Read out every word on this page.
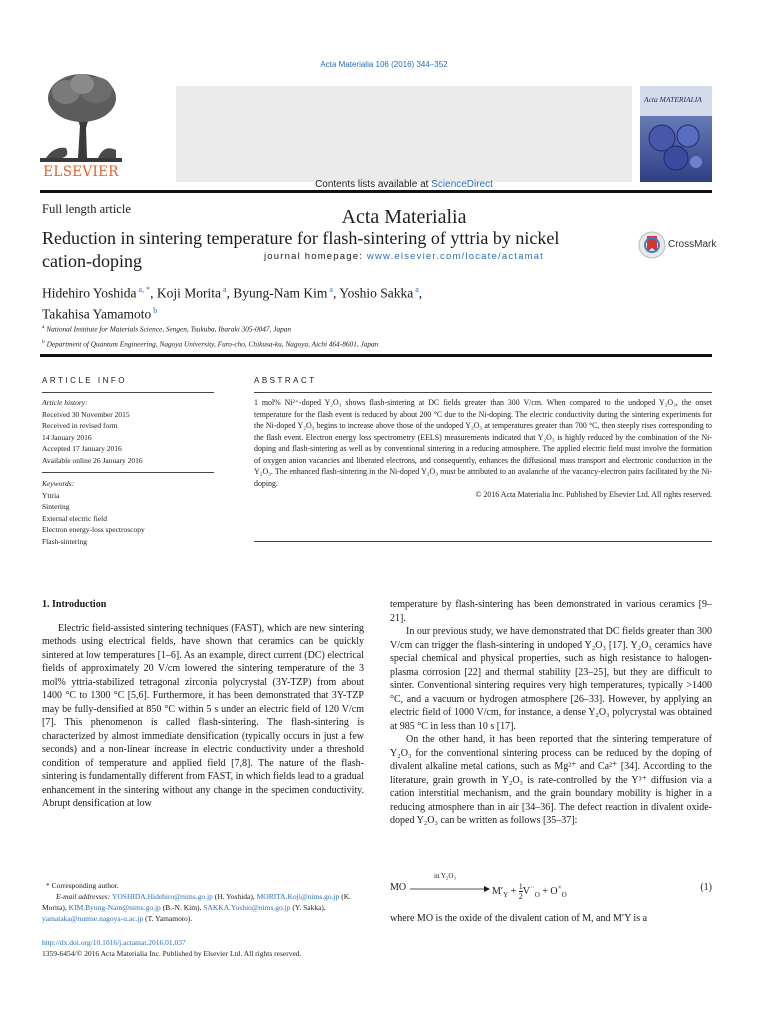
Acta Materialia 106 (2016) 344–352
ELSEVIER
Contents lists available at ScienceDirect
Acta Materialia
journal homepage: www.elsevier.com/locate/actamat
Acta MATERIALIA
Full length article
Reduction in sintering temperature for flash-sintering of yttria by nickel cation-doping
CrossMark
Hidehiro Yoshida $^{a, *}$, Koji Morita $^a$, Byung-Nam Kim $^a$, Yoshio Sakka $^a$,
Takahisa Yamamoto $^b$
$^a$ National Institute for Materials Science, Sengen, Tsukuba, Ibaraki 305-0047, Japan
$^b$ Department of Quantum Engineering, Nagoya University, Furo-cho, Chikusa-ku, Nagoya, Aichi 464-8601, Japan
ARTICLE INFO	ABSTRACT
Article history:
Received 30 November 2015
Received in revised form
14 January 2016
Accepted 17 January 2016
Available online 26 January 2016
Keywords:
Yttria
Sintering
External electric field
Electron energy-loss spectroscopy
Flash-sintering
1 mol% Ni²⁺-doped Y₂O₃ shows flash-sintering at DC fields greater than 300 V/cm. When compared to the undoped Y₂O₃, the onset temperature for the flash event is reduced by about 200 °C due to the Ni-doping. The electric conductivity during the sintering experiments for the Ni-doped Y₂O₃ begins to increase above those of the undoped Y₂O₃ at temperatures greater than 700 °C, then steeply rises corresponding to the flash event. Electron energy loss spectrometry (EELS) measurements indicated that Y₂O₃ is highly reduced by the combination of the Ni-doping and flash-sintering as well as by conventional sintering in a reducing atmosphere. The applied electric field must involve the formation of oxygen anion vacancies and liberated electrons, and consequently, enhances the diffusional mass transport and electronic conduction in the Y₂O₃. The enhanced flash-sintering in the Ni-doped Y₂O₃ must be attributed to an avalanche of the vacancy-electron pairs facilitated by the Ni-doping.
© 2016 Acta Materialia Inc. Published by Elsevier Ltd. All rights reserved.
1. Introduction

Electric field-assisted sintering techniques (FAST), which are new sintering methods using electrical fields, have shown that ceramics can be quickly sintered at low temperatures [1–6]. As an example, direct current (DC) electrical fields of approximately 20 V/cm lowered the sintering temperature of the 3 mol% yttria-stabilized tetragonal zirconia polycrystal (3Y-TZP) from about 1400 °C to 1300 °C [5,6]. Furthermore, it has been demonstrated that 3Y-TZP may be fully-densified at 850 °C within 5 s under an electric field of 120 V/cm [7]. This phenomenon is called flash-sintering. The flash-sintering is characterized by almost immediate densification (typically occurs in just a few seconds) and a non-linear increase in electric conductivity under a threshold condition of temperature and applied field [7,8]. The nature of the flash-sintering is fundamentally different from FAST, in which fields lead to a gradual enhancement in the sintering without any change in the specimen conductivity. Abrupt densification at low

temperature by flash-sintering has been demonstrated in various ceramics [9–21].

In our previous study, we have demonstrated that DC fields greater than 300 V/cm can trigger the flash-sintering in undoped Y₂O₃ [17]. Y₂O₃ ceramics have special chemical and physical properties, such as high resistance to halogen-plasma corrosion [22] and thermal stability [23–25], but they are difficult to sinter. Conventional sintering requires very high temperatures, typically >1400 °C, and a vacuum or hydrogen atmosphere [26–33]. However, by applying an electric field of 1000 V/cm, for instance, a dense Y₂O₃ polycrystal was obtained at 985 °C in less than 10 s [17].

On the other hand, it has been reported that the sintering temperature of Y₂O₃ for the conventional sintering process can be reduced by the doping of divalent alkaline metal cations, such as Mg²⁺ and Ca²⁺ [34]. According to the literature, grain growth in Y₂O₃ is rate-controlled by the Y³⁺ diffusion via a cation interstitial mechanism, and the grain boundary mobility is higher in a reducing atmosphere than in air [34–36]. The defect reaction in divalent oxide-doped Y₂O₃ can be written as follows [35–37]:

MO
in Y₂O₃
$M'_Y + \frac{1}{2} V^{\cdot\cdot}_O + O^\times_O$
(1)
where MO is the oxide of the divalent cation of M, and M′Y is a
* Corresponding author.
E-mail addresses: YOSHIDA.Hidehiro@nims.go.jp (H. Yoshida), MORITA.Koji@nims.go.jp (K. Morita), KIM.Byung-Nam@nims.go.jp (B.-N. Kim), SAKKA.Yoshio@nims.go.jp (Y. Sakka), yamataka@numse.nagoya-u.ac.jp (T. Yamamoto).
http://dx.doi.org/10.1016/j.actamat.2016.01.037
1359-6454/© 2016 Acta Materialia Inc. Published by Elsevier Ltd. All rights reserved.
